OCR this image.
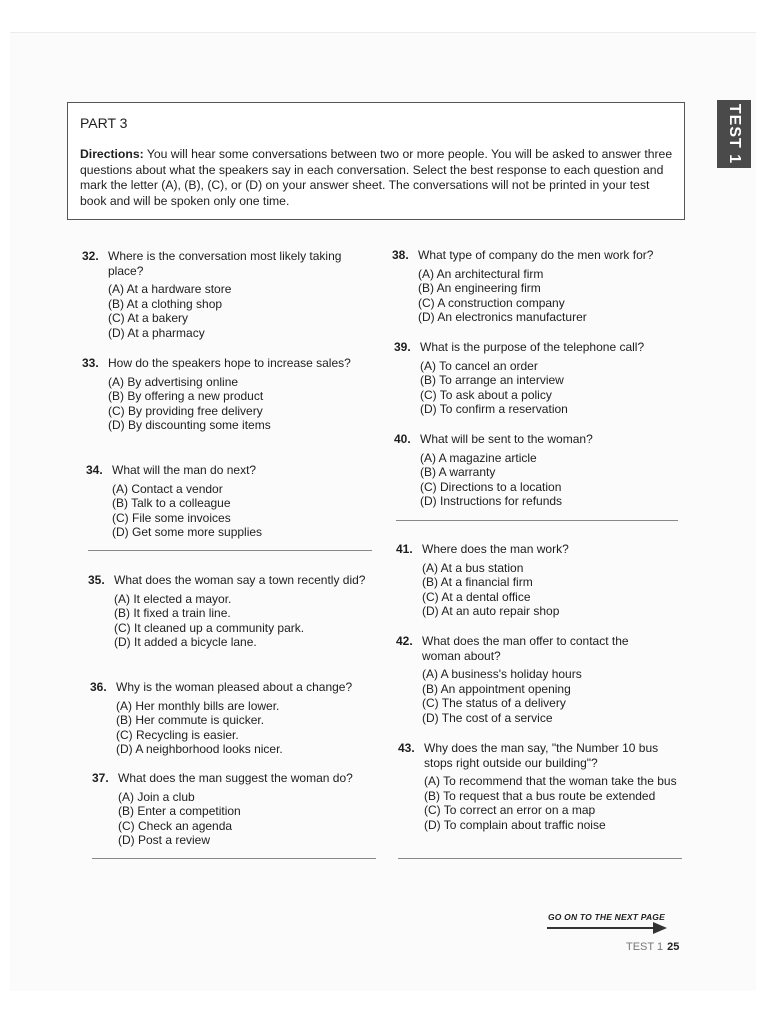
TEST 1

PART 3

Directions: You will hear some conversations between two or more people. You will be asked to answer three questions about what the speakers say in each conversation. Select the best response to each question and mark the letter (A), (B), (C), or (D) on your answer sheet. The conversations will not be printed in your test book and will be spoken only one time.

32. Where is the conversation most likely taking place?
(A) At a hardware store
(B) At a clothing shop
(C) At a bakery
(D) At a pharmacy
33. How do the speakers hope to increase sales?
(A) By advertising online
(B) By offering a new product
(C) By providing free delivery
(D) By discounting some items
34. What will the man do next?
(A) Contact a vendor
(B) Talk to a colleague
(C) File some invoices
(D) Get some more supplies
35. What does the woman say a town recently did?
(A) It elected a mayor.
(B) It fixed a train line.
(C) It cleaned up a community park.
(D) It added a bicycle lane.
36. Why is the woman pleased about a change?
(A) Her monthly bills are lower.
(B) Her commute is quicker.
(C) Recycling is easier.
(D) A neighborhood looks nicer.
37. What does the man suggest the woman do?
(A) Join a club
(B) Enter a competition
(C) Check an agenda
(D) Post a review
38. What type of company do the men work for?
(A) An architectural firm
(B) An engineering firm
(C) A construction company
(D) An electronics manufacturer
39. What is the purpose of the telephone call?
(A) To cancel an order
(B) To arrange an interview
(C) To ask about a policy
(D) To confirm a reservation
40. What will be sent to the woman?
(A) A magazine article
(B) A warranty
(C) Directions to a location
(D) Instructions for refunds
41. Where does the man work?
(A) At a bus station
(B) At a financial firm
(C) At a dental office
(D) At an auto repair shop
42. What does the man offer to contact the woman about?
(A) A business's holiday hours
(B) An appointment opening
(C) The status of a delivery
(D) The cost of a service
43. Why does the man say, "the Number 10 bus stops right outside our building"?
(A) To recommend that the woman take the bus
(B) To request that a bus route be extended
(C) To correct an error on a map
(D) To complain about traffic noise
GO ON TO THE NEXT PAGE
TEST 1 25
